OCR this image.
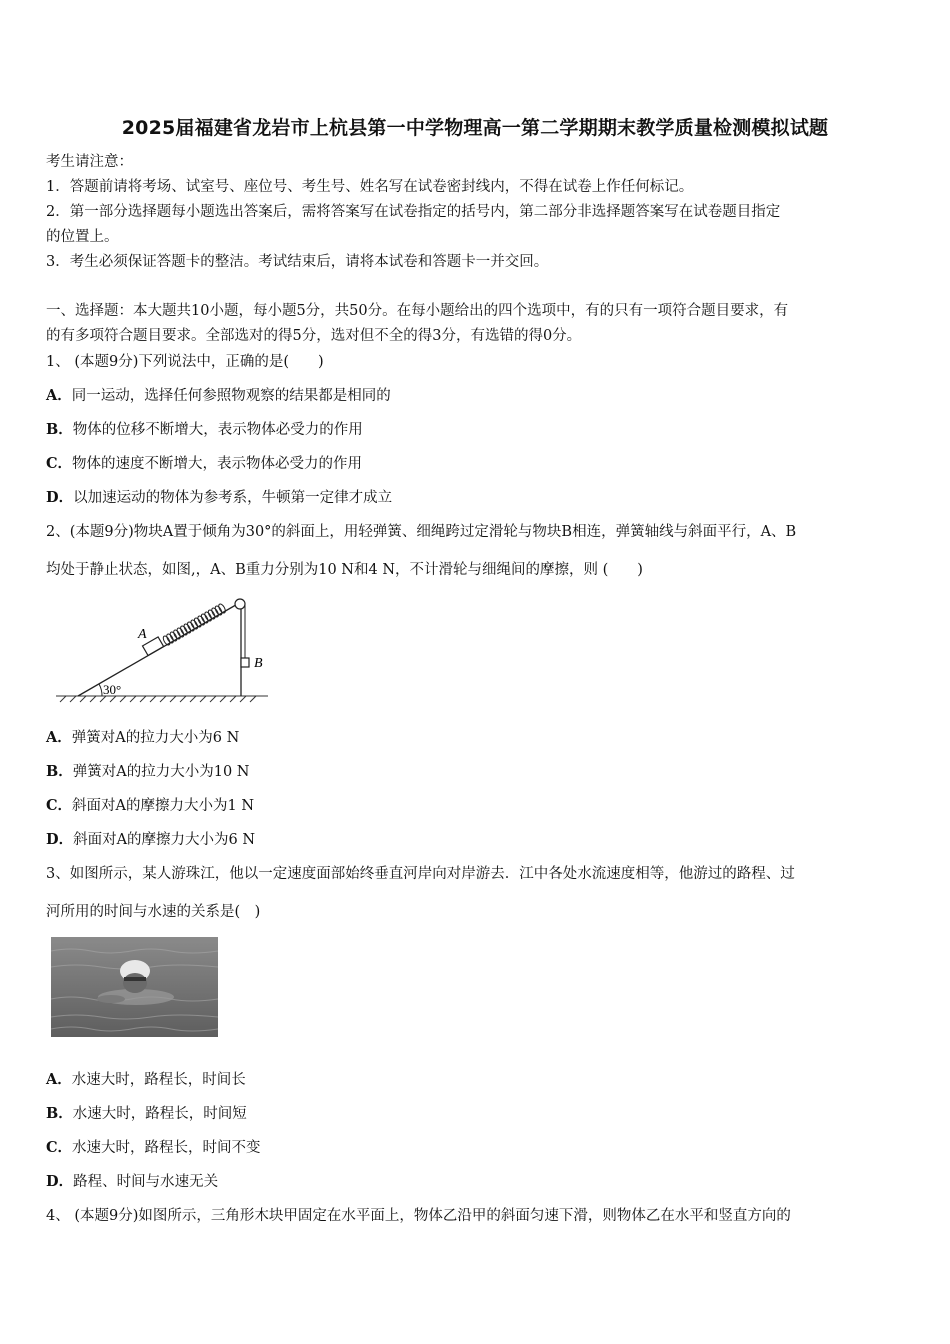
2025届福建省龙岩市上杭县第一中学物理高一第二学期期末教学质量检测模拟试题
考生请注意：
1．答题前请将考场、试室号、座位号、考生号、姓名写在试卷密封线内，不得在试卷上作任何标记。
2．第一部分选择题每小题选出答案后，需将答案写在试卷指定的括号内，第二部分非选择题答案写在试卷题目指定
的位置上。
3．考生必须保证答题卡的整洁。考试结束后，请将本试卷和答题卡一并交回。
一、选择题：本大题共10小题，每小题5分，共50分。在每小题给出的四个选项中，有的只有一项符合题目要求，有
的有多项符合题目要求。全部选对的得5分，选对但不全的得3分，有选错的得0分。
1、 (本题9分)下列说法中，正确的是(　　)
A．同一运动，选择任何参照物观察的结果都是相同的
B．物体的位移不断增大，表示物体必受力的作用
C．物体的速度不断增大，表示物体必受力的作用
D．以加速运动的物体为参考系，牛顿第一定律才成立
2、(本题9分)物块A置于倾角为30°的斜面上，用轻弹簧、细绳跨过定滑轮与物块B相连，弹簧轴线与斜面平行，A、B
均处于静止状态，如图,，A、B重力分别为10 N和4 N，不计滑轮与细绳间的摩擦，则 (　　)
30°
A
B
A．弹簧对A的拉力大小为6 N
B．弹簧对A的拉力大小为10 N
C．斜面对A的摩擦力大小为1 N
D．斜面对A的摩擦力大小为6 N
3、如图所示，某人游珠江，他以一定速度面部始终垂直河岸向对岸游去．江中各处水流速度相等，他游过的路程、过
河所用的时间与水速的关系是(　)
A．水速大时，路程长，时间长
B．水速大时，路程长，时间短
C．水速大时，路程长，时间不变
D．路程、时间与水速无关
4、 (本题9分)如图所示，三角形木块甲固定在水平面上，物体乙沿甲的斜面匀速下滑，则物体乙在水平和竖直方向的
